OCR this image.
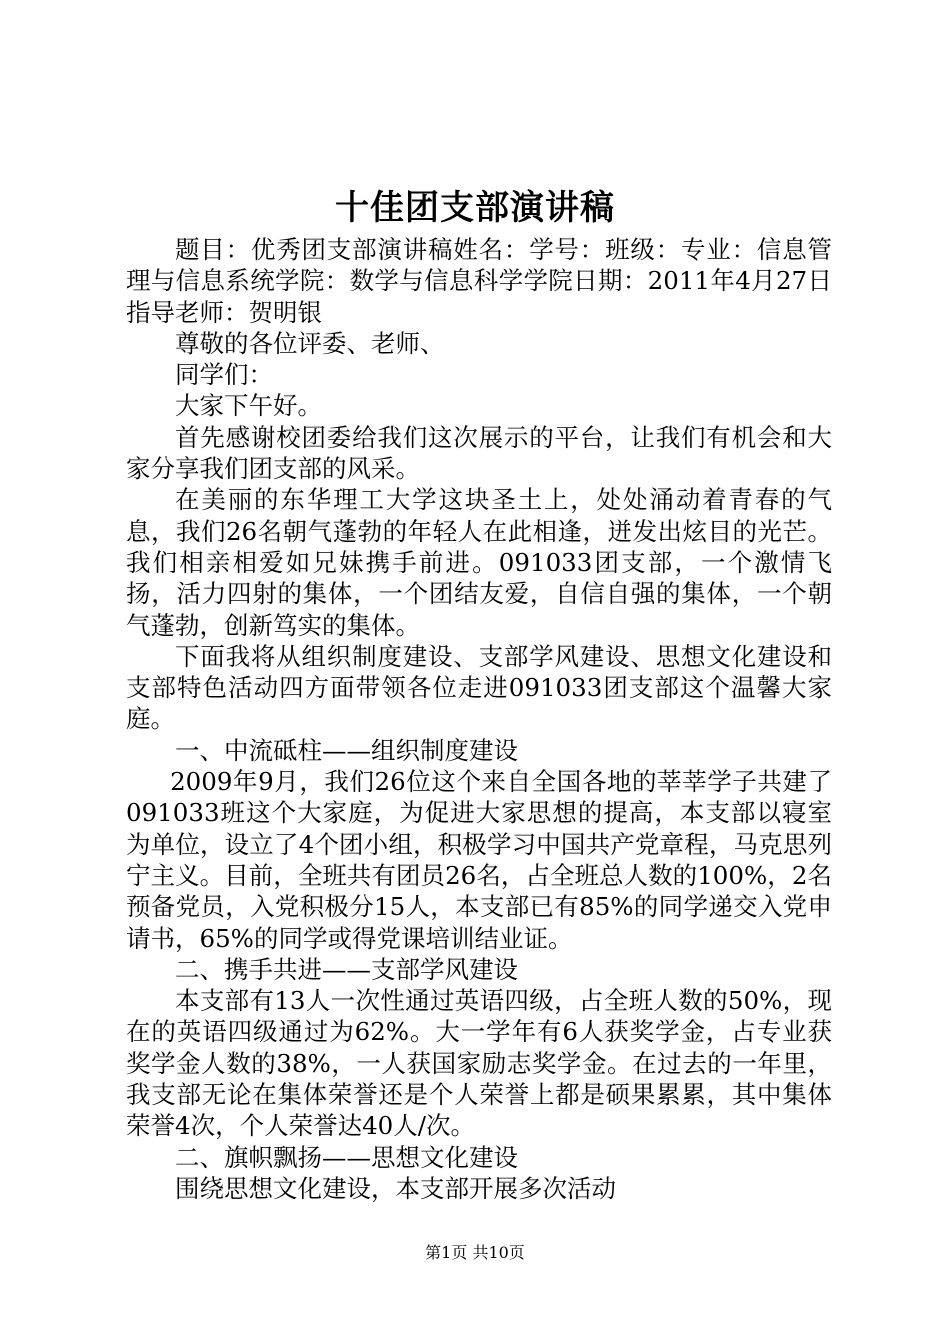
十佳团支部演讲稿

题目：优秀团支部演讲稿姓名：学号：班级：专业：信息管理与信息系统学院：数学与信息科学学院日期：2011年4月27日指导老师：贺明银

尊敬的各位评委、老师、

同学们：

大家下午好。

首先感谢校团委给我们这次展示的平台，让我们有机会和大家分享我们团支部的风采。

在美丽的东华理工大学这块圣土上，处处涌动着青春的气息，我们26名朝气蓬勃的年轻人在此相逢，迸发出炫目的光芒。我们相亲相爱如兄妹携手前进。091033团支部，一个激情飞扬，活力四射的集体，一个团结友爱，自信自强的集体，一个朝气蓬勃，创新笃实的集体。

下面我将从组织制度建设、支部学风建设、思想文化建设和支部特色活动四方面带领各位走进091033团支部这个温馨大家庭。

一、中流砥柱——组织制度建设

2009年9月，我们26位这个来自全国各地的莘莘学子共建了091033班这个大家庭，为促进大家思想的提高，本支部以寝室为单位，设立了4个团小组，积极学习中国共产党章程，马克思列宁主义。目前，全班共有团员26名，占全班总人数的100%，2名预备党员，入党积极分15人，本支部已有85%的同学递交入党申请书，65%的同学或得党课培训结业证。

二、携手共进——支部学风建设

本支部有13人一次性通过英语四级，占全班人数的50%，现在的英语四级通过为62%。大一学年有6人获奖学金，占专业获奖学金人数的38%，一人获国家励志奖学金。在过去的一年里，我支部无论在集体荣誉还是个人荣誉上都是硕果累累，其中集体荣誉4次，个人荣誉达40人/次。

二、旗帜飘扬——思想文化建设

围绕思想文化建设，本支部开展多次活动

第1页 共10页
